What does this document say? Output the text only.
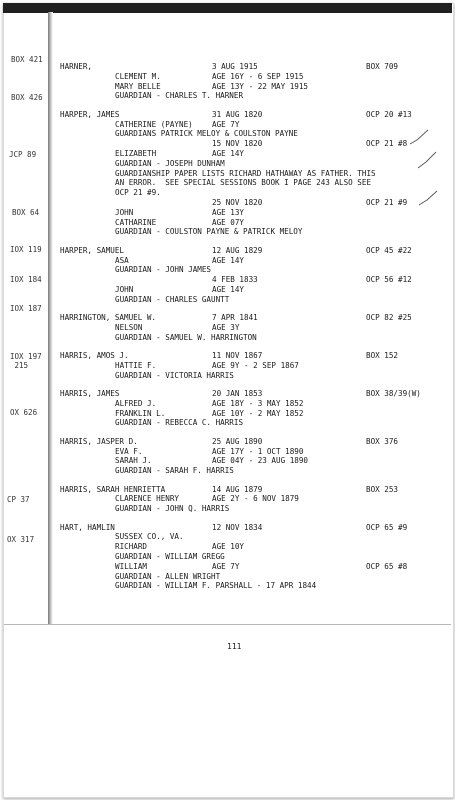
BOX 421
BOX 426
JCP 89
BOX 64
IOX 119
IOX 184
IOX 187
IOX 197
215
OX 626
CP 37
OX 317
HARNER,	3 AUG 1915	BOX 709
CLEMENT M.	AGE 16Y - 6 SEP 1915
MARY BELLE	AGE 13Y - 22 MAY 1915
GUARDIAN - CHARLES T. HARNER
HARPER, JAMES	31 AUG 1820	OCP 20 #13
CATHERINE (PAYNE)	AGE 7Y
GUARDIANS PATRICK MELOY & COULSTON PAYNE
15 NOV 1820	OCP 21 #8
ELIZABETH	AGE 14Y
GUARDIAN - JOSEPH DUNHAM
GUARDIANSHIP PAPER LISTS RICHARD HATHAWAY AS FATHER. THIS
AN ERROR.  SEE SPECIAL SESSIONS BOOK I PAGE 243 ALSO SEE
OCP 21 #9.
25 NOV 1820	OCP 21 #9
JOHN	AGE 13Y
CATHARINE	AGE 07Y
GUARDIAN - COULSTON PAYNE & PATRICK MELOY
HARPER, SAMUEL	12 AUG 1829	OCP 45 #22
ASA	AGE 14Y
GUARDIAN - JOHN JAMES
4 FEB 1833	OCP 56 #12
JOHN	AGE 14Y
GUARDIAN - CHARLES GAUNTT
HARRINGTON, SAMUEL W.	7 APR 1841	OCP 82 #25
NELSON	AGE 3Y
GUARDIAN - SAMUEL W. HARRINGTON
HARRIS, AMOS J.	11 NOV 1867	BOX 152
HATTIE F.	AGE 9Y - 2 SEP 1867
GUARDIAN - VICTORIA HARRIS
HARRIS, JAMES	20 JAN 1853	BOX 38/39(W)
ALFRED J.	AGE 18Y - 3 MAY 1852
FRANKLIN L.	AGE 10Y - 2 MAY 1852
GUARDIAN - REBECCA C. HARRIS
HARRIS, JASPER D.	25 AUG 1890	BOX 376
EVA F.	AGE 17Y - 1 OCT 1890
SARAH J.	AGE 04Y - 23 AUG 1890
GUARDIAN - SARAH F. HARRIS
HARRIS, SARAH HENRIETTA	14 AUG 1879	BOX 253
CLARENCE HENRY	AGE 2Y - 6 NOV 1879
GUARDIAN - JOHN Q. HARRIS
HART, HAMLIN	12 NOV 1834	OCP 65 #9
SUSSEX CO., VA.
RICHARD	AGE 10Y
GUARDIAN - WILLIAM GREGG
WILLIAM	AGE 7Y	OCP 65 #8
GUARDIAN - ALLEN WRIGHT
GUARDIAN - WILLIAM F. PARSHALL - 17 APR 1844
111
